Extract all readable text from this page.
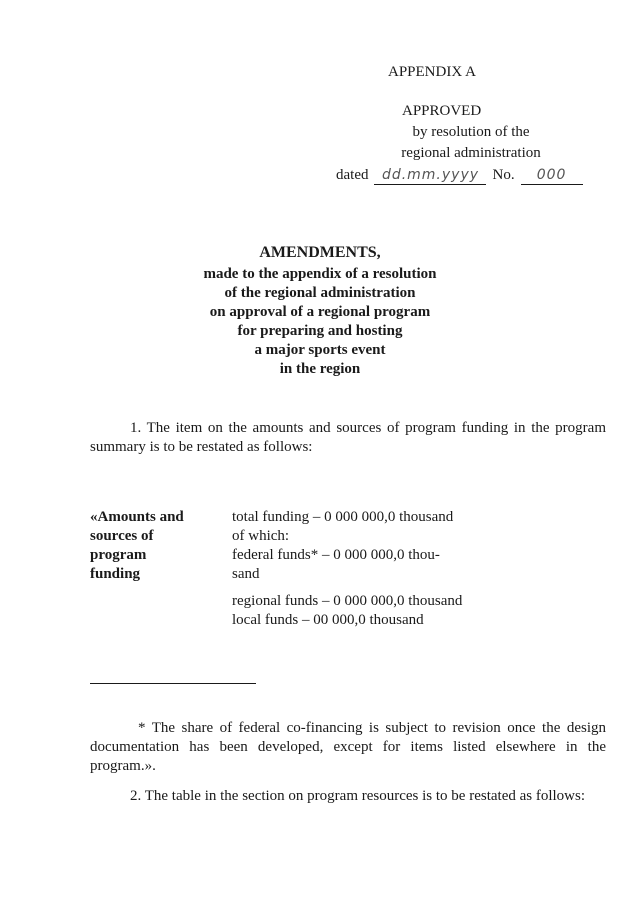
APPENDIX A
APPROVED
by resolution of the
regional administration
dated dd.mm.yyyy No.	000
AMENDMENTS,
made to the appendix of a resolution
of the regional administration
on approval of a regional program
for preparing and hosting
a major sports event
in the region

1. The item on the amounts and sources of program funding in the program summary is to be restated as follows:

«Amounts and
sources of
program
funding
total funding – 0 000 000,0 thousand
of which:
federal funds* – 0 000 000,0 thou-
sand
regional funds – 0 000 000,0 thousand
local funds – 00 000,0 thousand

* The share of federal co-financing is subject to revision once the design documentation has been developed, except for items listed elsewhere in the program.».

2. The table in the section on program resources is to be restated as follows:
